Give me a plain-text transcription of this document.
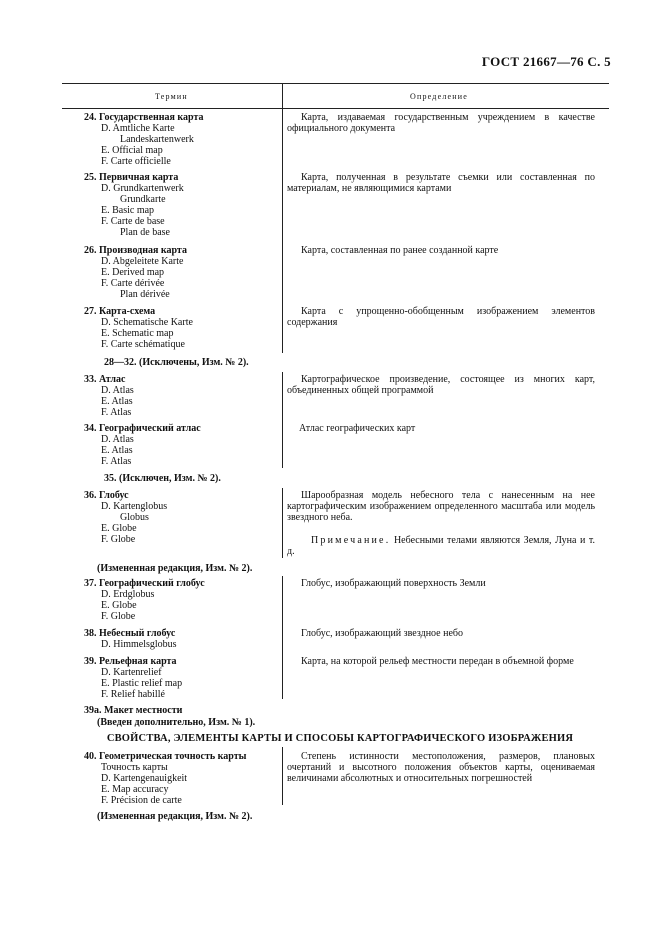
ГОСТ 21667—76 С. 5
Термин	Определение
24. Государственная карта
D. Amtliche Karte
Landeskartenwerk
E. Official map
F. Carte officielle
Карта, издаваемая государственным учреждением в качестве официального документа
25. Первичная карта
D. Grundkartenwerk
Grundkarte
E. Basic map
F. Carte de base
Plan de base
Карта, полученная в результате съемки или составленная по материалам, не являющимися картами
26. Производная карта
D. Abgeleitete Karte
E. Derived map
F. Carte dérivée
Plan dérivée
Карта, составленная по ранее созданной карте
27. Карта-схема
D. Schematische Karte
E. Schematic map
F. Carte schématique
Карта с упрощенно-обобщенным изображением элементов содержания
28—32. (Исключены, Изм. № 2).
33. Атлас
D. Atlas
E. Atlas
F. Atlas
Картографическое произведение, состоящее из многих карт, объединенных общей программой
34. Географический атлас
D. Atlas
E. Atlas
F. Atlas
Атлас географических карт
35. (Исключен, Изм. № 2).
36. Глобус
D. Kartenglobus
Globus
E. Globe
F. Globe
Шарообразная модель небесного тела с нанесенным на нее картографическим изображением определенного масштаба или модель звездного неба.
Примечание. Небесными телами являются Земля, Луна и т. д.
(Измененная редакция, Изм. № 2).
37. Географический глобус
D. Erdglobus
E. Globe
F. Globe
Глобус, изображающий поверхность Земли
38. Небесный глобус
D. Himmelsglobus
Глобус, изображающий звездное небо
39. Рельефная карта
D. Kartenrelief
E. Plastic relief map
F. Relief habillé
Карта, на которой рельеф местности передан в объемной форме
39а. Макет местности
(Введен дополнительно, Изм. № 1).
СВОЙСТВА, ЭЛЕМЕНТЫ КАРТЫ И СПОСОБЫ КАРТОГРАФИЧЕСКОГО ИЗОБРАЖЕНИЯ
40. Геометрическая точность карты
Точность карты
D. Kartengenauigkeit
E. Map accuracy
F. Précision de carte
Степень истинности местоположения, размеров, плановых очертаний и высотного положения объектов карты, оцениваемая величинами абсолютных и относительных погрешностей
(Измененная редакция, Изм. № 2).
